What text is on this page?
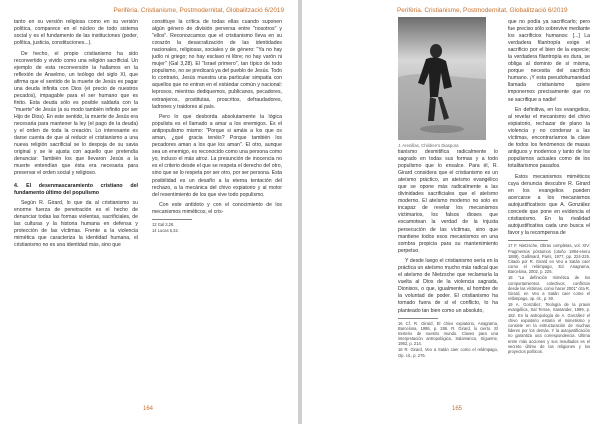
Perifèria. Cristianisme, Postmodernitat, Globalització 6/2019

tanto en su versión religiosa como en su versión política, comparece en el núcleo de todo sistema social y es el fundamento de las instituciones (poder, política, justicia, constituciones...).

De hecho, el propio cristianismo ha sido reconvertido y vivido como una religión sacrificial. Un ejemplo de esta reconversión la hallamos en la reflexión de Anselmo, un teólogo del siglo XI, que afirma que el sentido de la muerte de Jesús es pagar una deuda infinita con Dios (el precio de nuestros pecados), impagable para el ser humano que es finito. Esta deuda sólo es posible saldarla con la "muerte" de Jesús (a su modo también infinito por ser Hijo de Dios). En este sentido, la muerte de Jesús era necesaria para mantener la ley (el pago de la deuda) y el orden de toda la creación. Lo interesante es darse cuenta de que al reducir el cristianismo a una nueva religión sacrificial se lo despoja de su savia original y se le ajusta con aquello que pretendía denunciar: También los que llevaron Jesús a la muerte entendían que ésta era necesaria para preservar el orden social y religioso.

4. El desenmascaramiento cristiano del fundamento último del populismo

Según R. Girard, lo que da al cristianismo su enorme fuerza de penetración es el hecho de denunciar todas las formas violentas, sacrificiales, de las culturas y la historia humana en defensa y protección de las víctimas. Frente a la violencia mimética que caracteriza la identidad humana, el cristianismo no es una identidad más, sino que

constituye la crítica de todas ellas cuando suponen algún género de división perversa entre "nosotros" y "ellos". Reconozcamos que el cristianismo lleva en su corazón la desacralización de las identidades nacionales, religiosas, sociales y de género: "Ya no hay judío ni griego; no hay esclavo ni libre; no hay varón ni mujer" (Gal 3,28). El "Israel primero", tan típico de todo populismo, no se predicará ya del pueblo de Jesús. Todo lo contrario, Jesús muestra una particular simpatía con aquellos que no entran en el estándar común y nacional: leprosos, mientras dediquemos, publicanos, pecadores, extranjeros, prostitutas, proscritos, defraudadores, ladrones y traidores al país.

Pero lo que desborda absolutamente la lógica populista es el llamado a amar a los enemigos. Es el antipopulismo mismo: "Porque si amáis a los que os aman, ¿qué gracia tenéis? Porque también los pecadores aman a los que los aman". El otro, aunque sea un enemigo, es reconocido como una persona como yo, incluso el más atroz. La presunción de inocencia no es el criterio desde el que se respeta el derecho del otro, sino que se lo respeta por ser otro, por ser persona. Esta posibilidad es un desafío a la eterna tentación del rechazo, a la mecánica del chivo expiatorio y al motor del resentimiento de los que vive todo populismo.

Con este antídoto y con el conocimiento de los mecanismos miméticos, el cris-

13 Gal 3,28.
14 Lucas 6,32.
164
Perifèria. Cristianisme, Postmodernitat, Globalització 6/2019
J. Arenillas, Children's Diaspora

tianismo desmitifica radicalmente lo sagrado en todas sus formas y a todo populismo que lo ensalce. Para él, R. Girard considera que el cristianismo es un ateísmo práctico, un ateísmo evangélico que se opone más radicalmente a las divinidades sacrificiales que el ateísmo moderno. El ateísmo moderno no solo es incapaz de revelar los mecanismos victimarios, los falsos dioses que escamotean la verdad de la injusta persecución de las víctimas, sino que mantiene todos esos mecanismos en una sombra propicia para su mantenimiento perpetuo.

Y desde luego el cristianismo sería en la práctica un ateísmo mucho más radical que el ateísmo de Nietzsche que reclamaría la vuelta al Dios de la violencia sagrada, Dionisos, o que, igualmente, al hombre de la voluntad de poder. El cristianismo ha tomado fuera de sí el conflicto, lo ha planteado tan bien como un absoluto,

16 Cf. R. Girard, El chivo expiatorio, Anagrama, Barcelona, 1986, p. 286. R. Girard, lo cierto. El misterio de nuestro mundo. Claves para una interpretación antropológica, Salamanca, Sígueme, 1982, p. 214.
16 R. Girard, Veo a Satán caer como el relámpago, Op. cit., p. 275.

que no podía ya sacrificarlo; pero fue preciso sólo sobrevive mediante los sacrificios humanos: [...] La verdadera filantropía exige el sacrificio por el bien de la especie; la verdadera filantropía es dura, se obliga al dominio de sí misma, porque necesita del sacrificio humano. ¡Y esta pseudohumanidad llamada cristianismo quiere imponernos precisamente que no se sacrifique a nadie!

En definitiva, en los evangelios, al revelar el mecanismo del chivo expiatorio, rechazar de plano la violencia y no condenar a las víctimas, encontraríamos la clave de todos los fenómenos de masas antiguos y modernos y tanto de los populismos actuales como de los totalitarismos pasados.

Estos mecanismos miméticos cuya denuncia descubre R. Girard en los evangelios pueden acercarse a los mecanismos autojustificativos que A. González concede que pone en evidencia el cristianismo. En la rivalidad autojustificativa cada uno busca el favor y la recompensa de

17 F. Nietzsche, Obras completas, vol. XIV: Fragmentos póstumos (otoño 1884-enero 1889), Gallimard, París, 1977, pp. 224-225. Citado por R. Girard en Veo a Satán caer como el relámpago, Ed. Anagrama, Barcelona, 2002, p. 225.
18 "La definición mimética de los comportamientos colectivos, conflictos desde las víctimas, como hacer 2001" cita R. Girard, en Veo a Satán caer como el relámpago, op. cit., p. 50.
19 A. González, Teología de la praxis evangélica, Sal Terrae, Santander, 1999, p. 182. En la antropología de A. González el chivo expiatorio estaría el mimetismo y consiste en la estructuración de muchas lideres por los demás. Y la autojustificación no garantiza una correspondencia. Última entre más acciones y sus resultados es el secreto último de las religiones y los proyectos políticos.
165
